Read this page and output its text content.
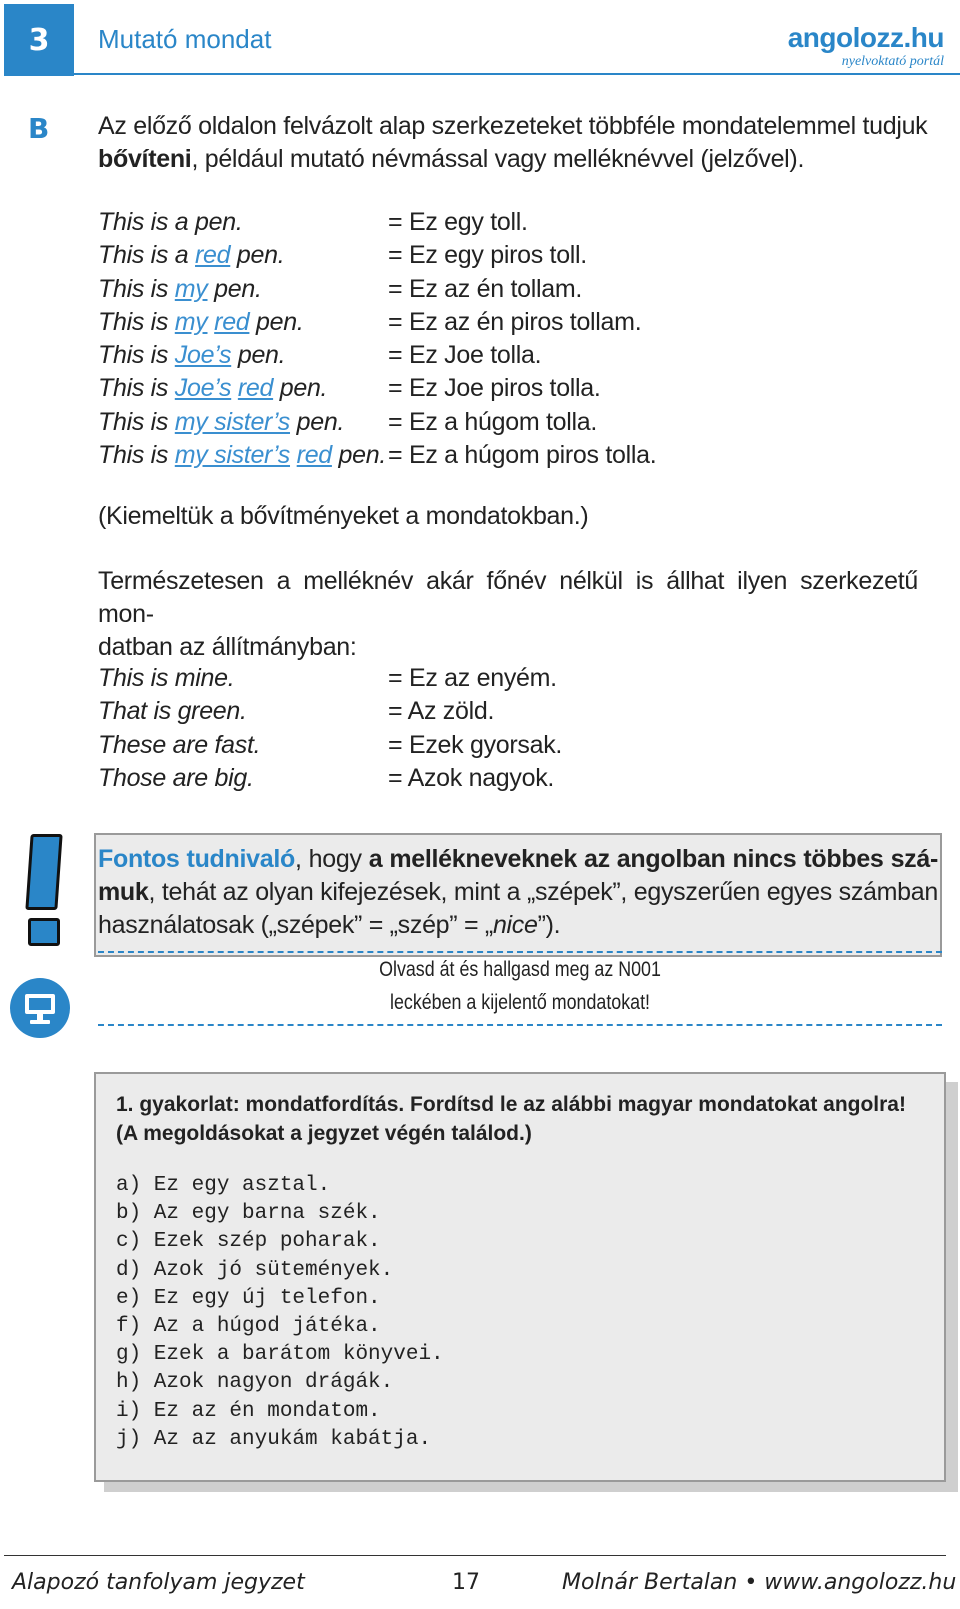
3	Mutató mondat	angolozz.hu
nyelvoktató portál
B Az előző oldalon felvázolt alap szerkezeteket többféle mondatelemmel tudjuk bővíteni, például mutató névmással vagy melléknévvel (jelzővel).
This is a pen.	= Ez egy toll.
This is a red pen.	= Ez egy piros toll.
This is my pen.	= Ez az én tollam.
This is my red pen.	= Ez az én piros tollam.
This is Joe’s pen.	= Ez Joe tolla.
This is Joe’s red pen.	= Ez Joe piros tolla.
This is my sister’s pen.	= Ez a húgom tolla.
This is my sister’s red pen. = Ez a húgom piros tolla.
(Kiemeltük a bővítményeket a mondatokban.)
Természetesen a melléknév akár főnév nélkül is állhat ilyen szerkezetű mon-
datban az állítmányban:
This is mine.	= Ez az enyém.
That is green.	= Az zöld.
These are fast.	= Ezek gyorsak.
Those are big.	= Azok nagyok.
Fontos tudnivaló, hogy a mellékneveknek az angolban nincs többes szá-muk, tehát az olyan kifejezések, mint a „szépek”, egyszerűen egyes számban használatosak („szépek” = „szép” = „nice”).
Olvasd át és hallgasd meg az N001
leckében a kijelentő mondatokat!
1. gyakorlat: mondatfordítás. Fordítsd le az alábbi magyar mondatokat angolra! (A megoldásokat a jegyzet végén találod.)
a) Ez egy asztal.
b) Az egy barna szék.
c) Ezek szép poharak.
d) Azok jó sütemények.
e) Ez egy új telefon.
f) Az a húgod játéka.
g) Ezek a barátom könyvei.
h) Azok nagyon drágák.
i) Ez az én mondatom.
j) Az az anyukám kabátja.
Alapozó tanfolyam jegyzet	17	Molnár Bertalan • www.angolozz.hu
